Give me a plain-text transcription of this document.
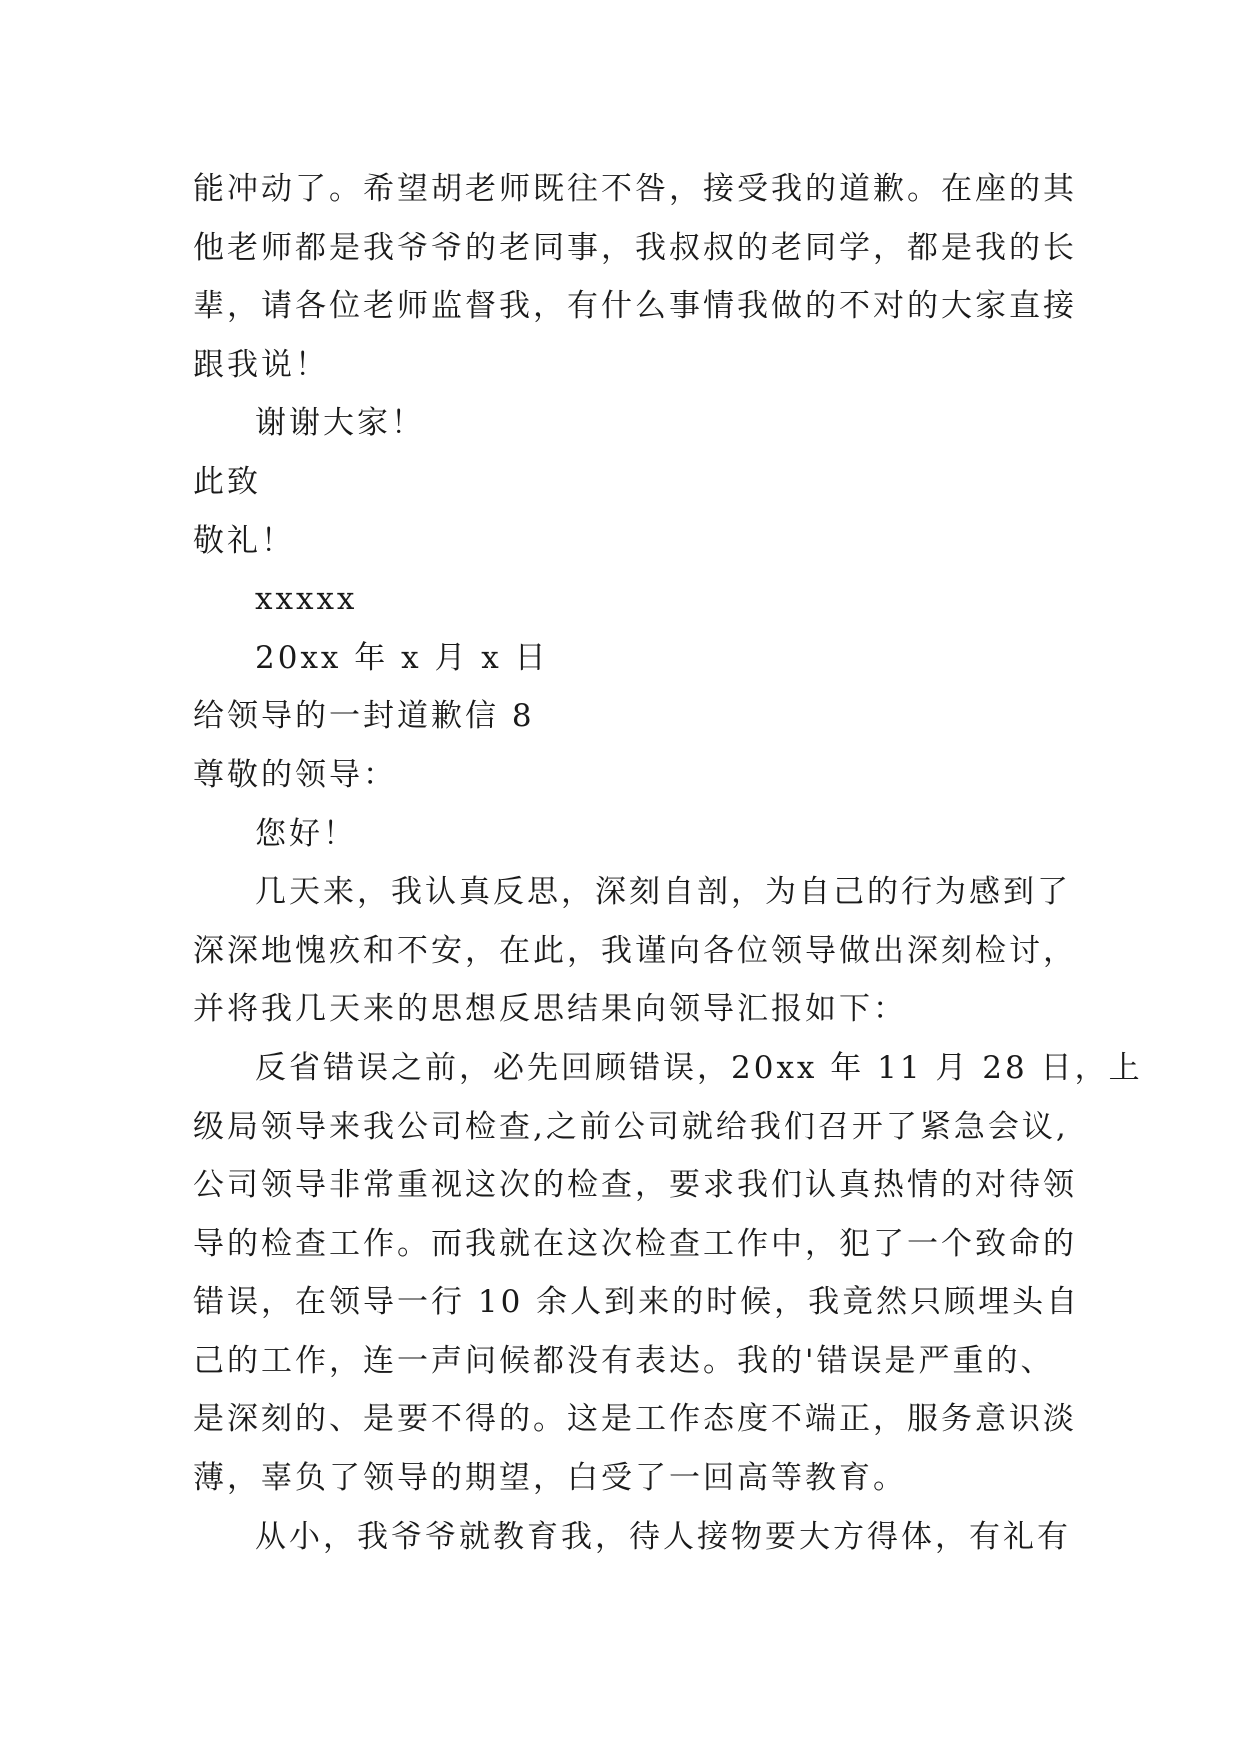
能冲动了。希望胡老师既往不咎，接受我的道歉。在座的其
他老师都是我爷爷的老同事，我叔叔的老同学，都是我的长
辈，请各位老师监督我，有什么事情我做的不对的大家直接
跟我说！
谢谢大家！
此致
敬礼！
xxxxx
20xx 年 x 月 x 日
给领导的一封道歉信 8
尊敬的领导：
您好！
几天来，我认真反思，深刻自剖，为自己的行为感到了
深深地愧疚和不安，在此，我谨向各位领导做出深刻检讨，
并将我几天来的思想反思结果向领导汇报如下：
反省错误之前，必先回顾错误，20xx 年 11 月 28 日，上
级局领导来我公司检查,之前公司就给我们召开了紧急会议,
公司领导非常重视这次的检查，要求我们认真热情的对待领
导的检查工作。而我就在这次检查工作中，犯了一个致命的
错误，在领导一行 10 余人到来的时候，我竟然只顾埋头自
己的工作，连一声问候都没有表达。我的'错误是严重的、
是深刻的、是要不得的。这是工作态度不端正，服务意识淡
薄，辜负了领导的期望，白受了一回高等教育。
从小，我爷爷就教育我，待人接物要大方得体，有礼有
